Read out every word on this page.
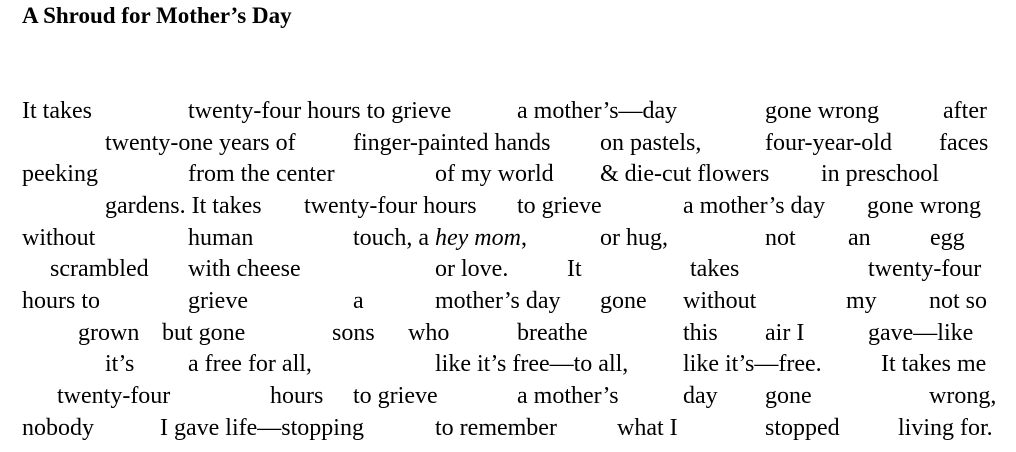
A Shroud for Mother’s Day
It takes	twenty-four hours to grieve	a mother’s—day	gone wrong	after
twenty-one years of finger-painted hands on pastels,	four-year-old faces
peeking	from the center	of my world & die-cut flowers in preschool
gardens. It takes twenty-four hours to grieve	a mother’s day gone wrong
without	human	touch, a hey mom,	or hug,	not an egg
scrambled with cheese	or love. It	takes	twenty-four
hours to	grieve	a	mother’s day gone without	my not so
grown but gone	sons who	breathe	this air I	gave—like
it’s a free for all,	like it’s free—to all, like it’s—free. It takes me
twenty-four	hours to grieve	a mother’s	day gone	wrong,
nobody	I gave life—stopping	to remember	what I	stopped living for.
